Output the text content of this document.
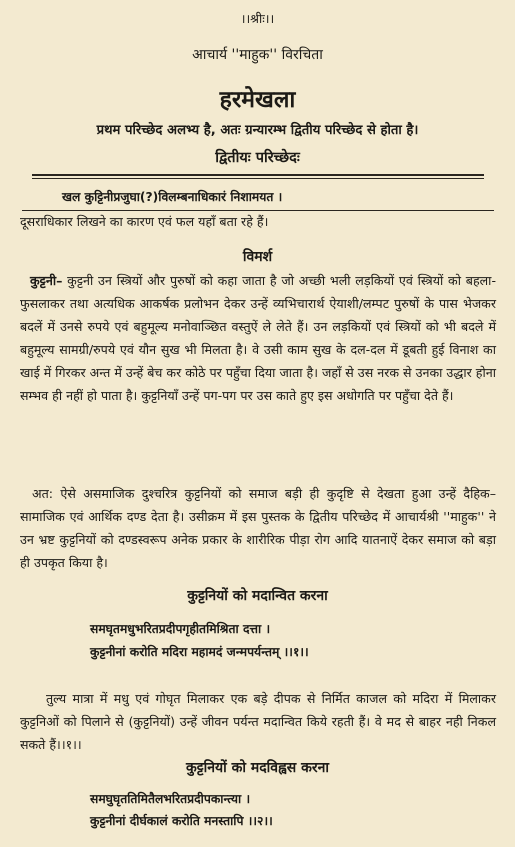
।।श्रीः।।
आचार्य ''माहुक'' विरचिता
हरमेखला
प्रथम परिच्छेद अलभ्य है, अतः ग्रन्यारम्भ द्वितीय परिच्छेद से होता है।
द्वितीयः परिच्छेदः
खल कुट्टिनीप्रजुघा(?)विलम्बनाधिकारं निशामयत ।
दूसराधिकार लिखने का कारण एवं फल यहाँ बता रहे हैं।
विमर्श
कुट्टनी– कुट्टनी उन स्त्रियों और पुरुषों को कहा जाता है जो अच्छी भली लड़कियों एवं स्त्रियों को बहला-फुसलाकर तथा अत्यधिक आकर्षक प्रलोभन देकर उन्हें व्यभिचारार्थ ऐयाशी/लम्पट पुरुषों के पास भेजकर बदलें में उनसे रुपये एवं बहुमूल्य मनोवाञ्छित वस्तुऐं ले लेते हैं। उन लड़कियों एवं स्त्रियों को भी बदले में बहुमूल्य सामग्री/रुपये एवं यौन सुख भी मिलता है। वे उसी काम सुख के दल-दल में डूबती हुई विनाश का खाई में गिरकर अन्त में उन्हें बेच कर कोठे पर पहुँचा दिया जाता है। जहाँ से उस नरक से उनका उद्धार होना सम्भव ही नहीं हो पाता है। कुट्टनियाँ उन्हें पग-पग पर उस काते हुए इस अधोगति पर पहुँचा देते हैं।
अत: ऐसे असमाजिक दुश्चरित्र कुट्टनियों को समाज बड़ी ही कुदृष्टि से देखता हुआ उन्हें दैहिक– सामाजिक एवं आर्थिक दण्ड देता है। उसीक्रम में इस पुस्तक के द्वितीय परिच्छेद में आचार्यश्री ''माहुक'' ने उन भ्रष्ट कुट्टनियों को दण्डस्वरूप अनेक प्रकार के शारीरिक पीड़ा रोग आदि यातनाऐं देकर समाज को बड़ा ही उपकृत किया है।
कुट्टनियों को मदान्वित करना
समघृतमधुभरितप्रदीपगृहीतमिश्रिता दत्ता ।
कुट्टनीनां करोति मदिरा महामदं जन्मपर्यन्तम् ।।१।।
तुल्य मात्रा में मधु एवं गोघृत मिलाकर एक बड़े दीपक से निर्मित काजल को मदिरा में मिलाकर कुट्टनिओं को पिलाने से (कुट्टनियों) उन्हें जीवन पर्यन्त मदान्वित किये रहती हैं। वे मद से बाहर नही निकल सकते हैं।।१।।
कुट्टनियों को मदविह्वस करना
समघुघृततिमितैलभरितप्रदीपकान्त्या ।
कुट्टनीनां दीर्घकालं करोति मनस्तापि ।।२।।
